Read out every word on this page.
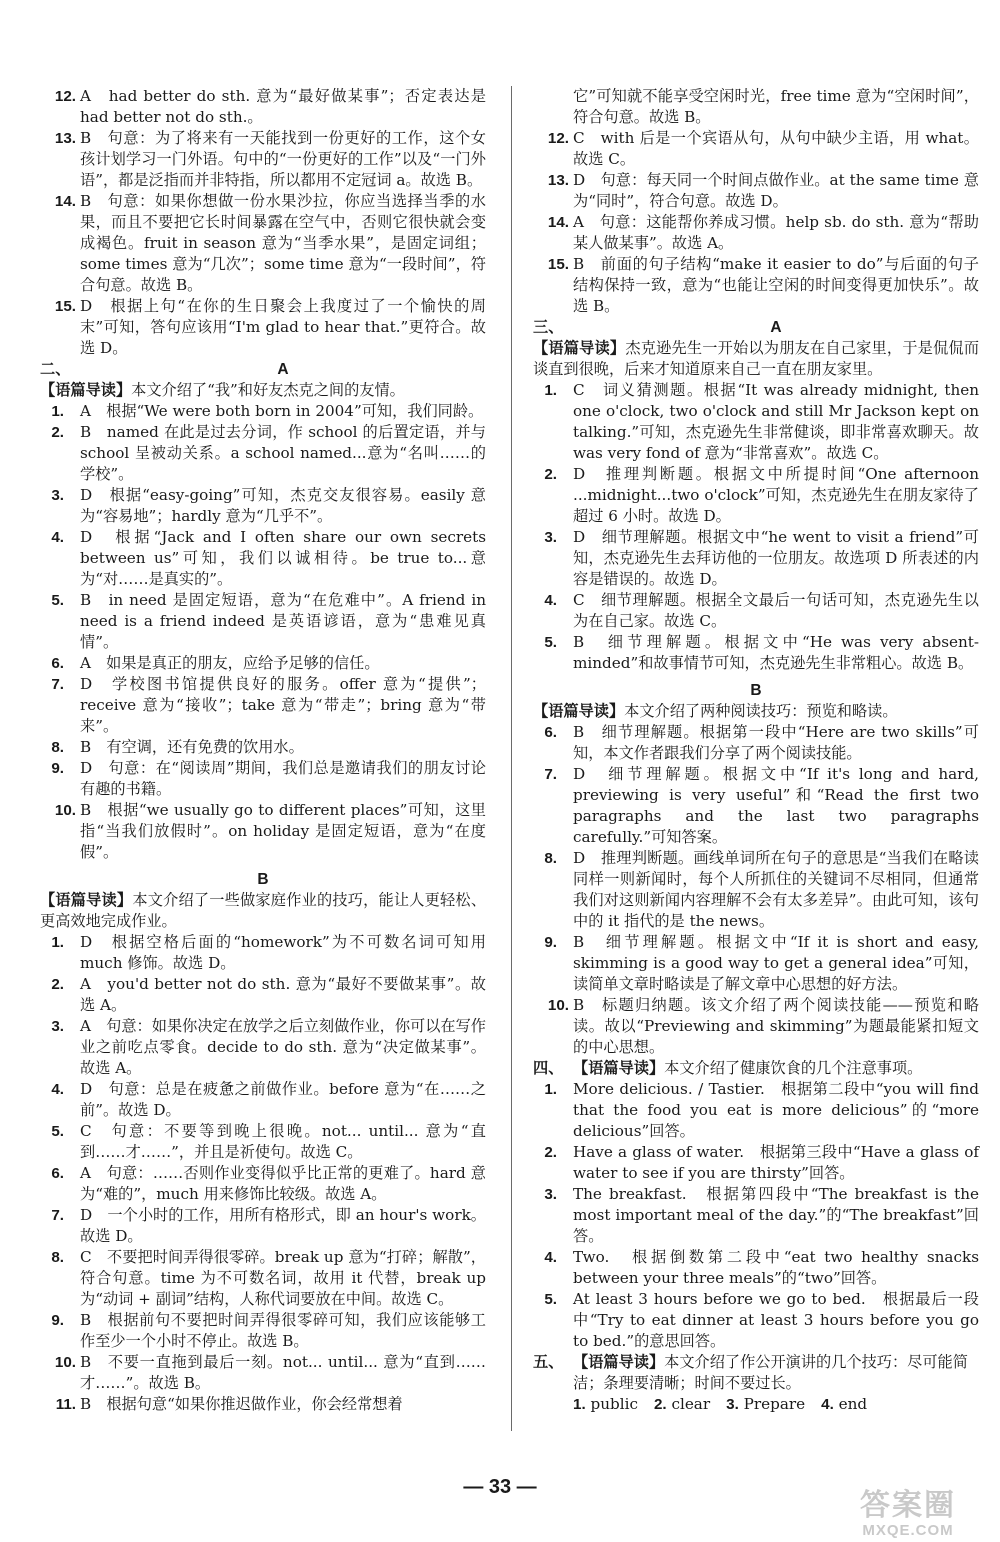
12. A　had better do sth. 意为“最好做某事”；否定表达是 had better not do sth.。

13. B　句意：为了将来有一天能找到一份更好的工作，这个女孩计划学习一门外语。句中的“一份更好的工作”以及“一门外语”，都是泛指而并非特指，所以都用不定冠词 a。故选 B。

14. B　句意：如果你想做一份水果沙拉，你应当选择当季的水果，而且不要把它长时间暴露在空气中，否则它很快就会变成褐色。fruit in season 意为“当季水果”，是固定词组；some times 意为“几次”；some time 意为“一段时间”，符合句意。故选 B。

15. D　根据上句“在你的生日聚会上我度过了一个愉快的周末”可知，答句应该用“I'm glad to hear that.”更符合。故选 D。

二、	A

【语篇导读】本文介绍了“我”和好友杰克之间的友情。

1. A　根据“We were both born in 2004”可知，我们同龄。

2. B　named 在此是过去分词，作 school 的后置定语，并与 school 呈被动关系。a school named...意为“名叫……的学校”。

3. D　根据“easy-going”可知，杰克交友很容易。easily 意为“容易地”；hardly 意为“几乎不”。

4. D　根据“Jack and I often share our own secrets between us”可知，我们以诚相待。be true to...意为“对……是真实的”。

5. B　in need 是固定短语，意为“在危难中”。A friend in need is a friend indeed 是英语谚语，意为“患难见真情”。

6. A　如果是真正的朋友，应给予足够的信任。

7. D　学校图书馆提供良好的服务。offer 意为“提供”；receive 意为“接收”；take 意为“带走”；bring 意为“带来”。

8. B　有空调，还有免费的饮用水。

9. D　句意：在“阅读周”期间，我们总是邀请我们的朋友讨论有趣的书籍。

10. B　根据“we usually go to different places”可知，这里指“当我们放假时”。on holiday 是固定短语，意为“在度假”。

B

【语篇导读】本文介绍了一些做家庭作业的技巧，能让人更轻松、更高效地完成作业。

1. D　根据空格后面的“homework”为不可数名词可知用 much 修饰。故选 D。

2. A　you'd better not do sth. 意为“最好不要做某事”。故选 A。

3. A　句意：如果你决定在放学之后立刻做作业，你可以在写作业之前吃点零食。decide to do sth. 意为“决定做某事”。故选 A。

4. D　句意：总是在疲惫之前做作业。before 意为“在……之前”。故选 D。

5. C　句意：不要等到晚上很晚。not... until... 意为“直到……才……”，并且是祈使句。故选 C。

6. A　句意：……否则作业变得似乎比正常的更难了。hard 意为“难的”，much 用来修饰比较级。故选 A。

7. D　一个小时的工作，用所有格形式，即 an hour's work。故选 D。

8. C　不要把时间弄得很零碎。break up 意为“打碎；解散”，符合句意。time 为不可数名词，故用 it 代替，break up 为“动词 + 副词”结构，人称代词要放在中间。故选 C。

9. B　根据前句不要把时间弄得很零碎可知，我们应该能够工作至少一个小时不停止。故选 B。

10. B　不要一直拖到最后一刻。not... until... 意为“直到……才……”。故选 B。

11. B　根据句意“如果你推迟做作业，你会经常想着

它”可知就不能享受空闲时光，free time 意为“空闲时间”，符合句意。故选 B。

12. C　with 后是一个宾语从句，从句中缺少主语，用 what。故选 C。

13. D　句意：每天同一个时间点做作业。at the same time 意为“同时”，符合句意。故选 D。

14. A　句意：这能帮你养成习惯。help sb. do sth. 意为“帮助某人做某事”。故选 A。

15. B　前面的句子结构“make it easier to do”与后面的句子结构保持一致，意为“也能让空闲的时间变得更加快乐”。故选 B。

三、	A

【语篇导读】杰克逊先生一开始以为朋友在自己家里，于是侃侃而谈直到很晚，后来才知道原来自己一直在朋友家里。

1. C　词义猜测题。根据“It was already midnight, then one o'clock, two o'clock and still Mr Jackson kept on talking.”可知，杰克逊先生非常健谈，即非常喜欢聊天。故 was very fond of 意为“非常喜欢”。故选 C。

2. D　推理判断题。根据文中所提时间“One afternoon ...midnight...two o'clock”可知，杰克逊先生在朋友家待了超过 6 小时。故选 D。

3. D　细节理解题。根据文中“he went to visit a friend”可知，杰克逊先生去拜访他的一位朋友。故选项 D 所表述的内容是错误的。故选 D。

4. C　细节理解题。根据全文最后一句话可知，杰克逊先生以为在自己家。故选 C。

5. B　细节理解题。根据文中“He was very absent-minded”和故事情节可知，杰克逊先生非常粗心。故选 B。

B

【语篇导读】本文介绍了两种阅读技巧：预览和略读。

6. B　细节理解题。根据第一段中“Here are two skills”可知，本文作者跟我们分享了两个阅读技能。

7. D　细节理解题。根据文中“If it's long and hard, previewing is very useful”和“Read the first two paragraphs and the last two paragraphs carefully.”可知答案。

8. D　推理判断题。画线单词所在句子的意思是“当我们在略读同样一则新闻时，每个人所抓住的关键词不尽相同，但通常我们对这则新闻内容理解不会有太多差异”。由此可知，该句中的 it 指代的是 the news。

9. B　细节理解题。根据文中“If it is short and easy, skimming is a good way to get a general idea”可知，读简单文章时略读是了解文章中心思想的好方法。

10. B　标题归纳题。该文介绍了两个阅读技能——预览和略读。故以“Previewing and skimming”为题最能紧扣短文的中心思想。

四、 【语篇导读】本文介绍了健康饮食的几个注意事项。

1. More delicious. / Tastier.　根据第二段中“you will find that the food you eat is more delicious”的“more delicious”回答。

2. Have a glass of water.　根据第三段中“Have a glass of water to see if you are thirsty”回答。

3. The breakfast.　根据第四段中“The breakfast is the most important meal of the day.”的“The breakfast”回答。

4. Two.　根据倒数第二段中“eat two healthy snacks between your three meals”的“two”回答。

5. At least 3 hours before we go to bed.　根据最后一段中“Try to eat dinner at least 3 hours before you go to bed.”的意思回答。

五、 【语篇导读】本文介绍了作公开演讲的几个技巧：尽可能简洁；条理要清晰；时间不要过长。

1. public 2. clear 3. Prepare 4. end
— 33 —
答案圈
MXQE.COM
